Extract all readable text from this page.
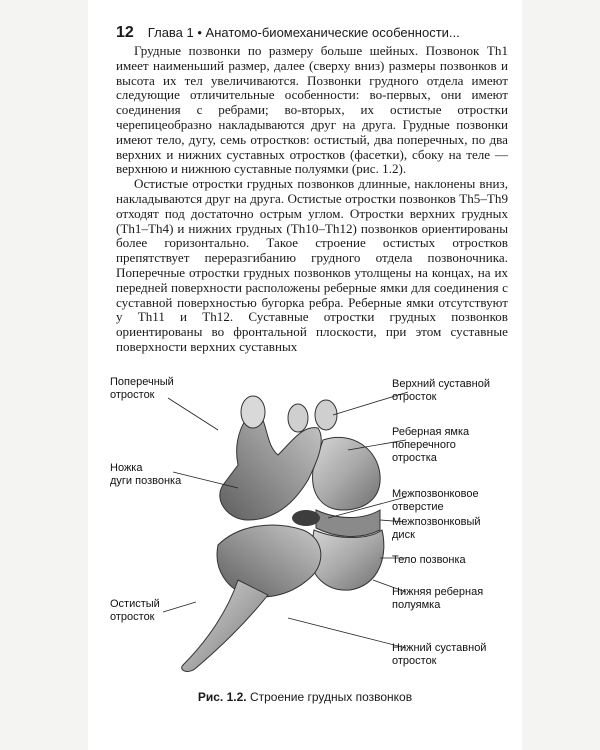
12 Глава 1 • Анатомо-биомеханические особенности...

Грудные позвонки по размеру больше шейных. Позвонок Th1 имеет наименьший размер, далее (сверху вниз) размеры позвонков и высота их тел увеличиваются. Позвонки грудного отдела имеют следующие отличительные особенности: во-первых, они имеют соединения с ребрами; во-вторых, их остистые отростки черепицеобразно накладываются друг на друга. Грудные позвонки имеют тело, дугу, семь отростков: остистый, два поперечных, по два верхних и нижних суставных отростков (фасетки), сбоку на теле — верхнюю и нижнюю суставные полуямки (рис. 1.2).

Остистые отростки грудных позвонков длинные, наклонены вниз, накладываются друг на друга. Остистые отростки позвонков Th5–Th9 отходят под достаточно острым углом. Отростки верхних грудных (Th1–Th4) и нижних грудных (Th10–Th12) позвонков ориентированы более горизонтально. Такое строение остистых отростков препятствует переразгибанию грудного отдела позвоночника. Поперечные отростки грудных позвонков утолщены на концах, на их передней поверхности расположены реберные ямки для соединения с суставной поверхностью бугорка ребра. Реберные ямки отсутствуют у Th11 и Th12. Суставные отростки грудных позвонков ориентированы во фронтальной плоскости, при этом суставные поверхности верхних суставных

Поперечный
отросток
Ножка
дуги позвонка
Остистый
отросток
Верхний суставной
отросток
Реберная ямка
поперечного
отростка
Межпозвонковое
отверстие
Межпозвонковый
диск
Тело позвонка
Нижняя реберная
полуямка
Нижний суставной
отросток
Рис. 1.2. Строение грудных позвонков
